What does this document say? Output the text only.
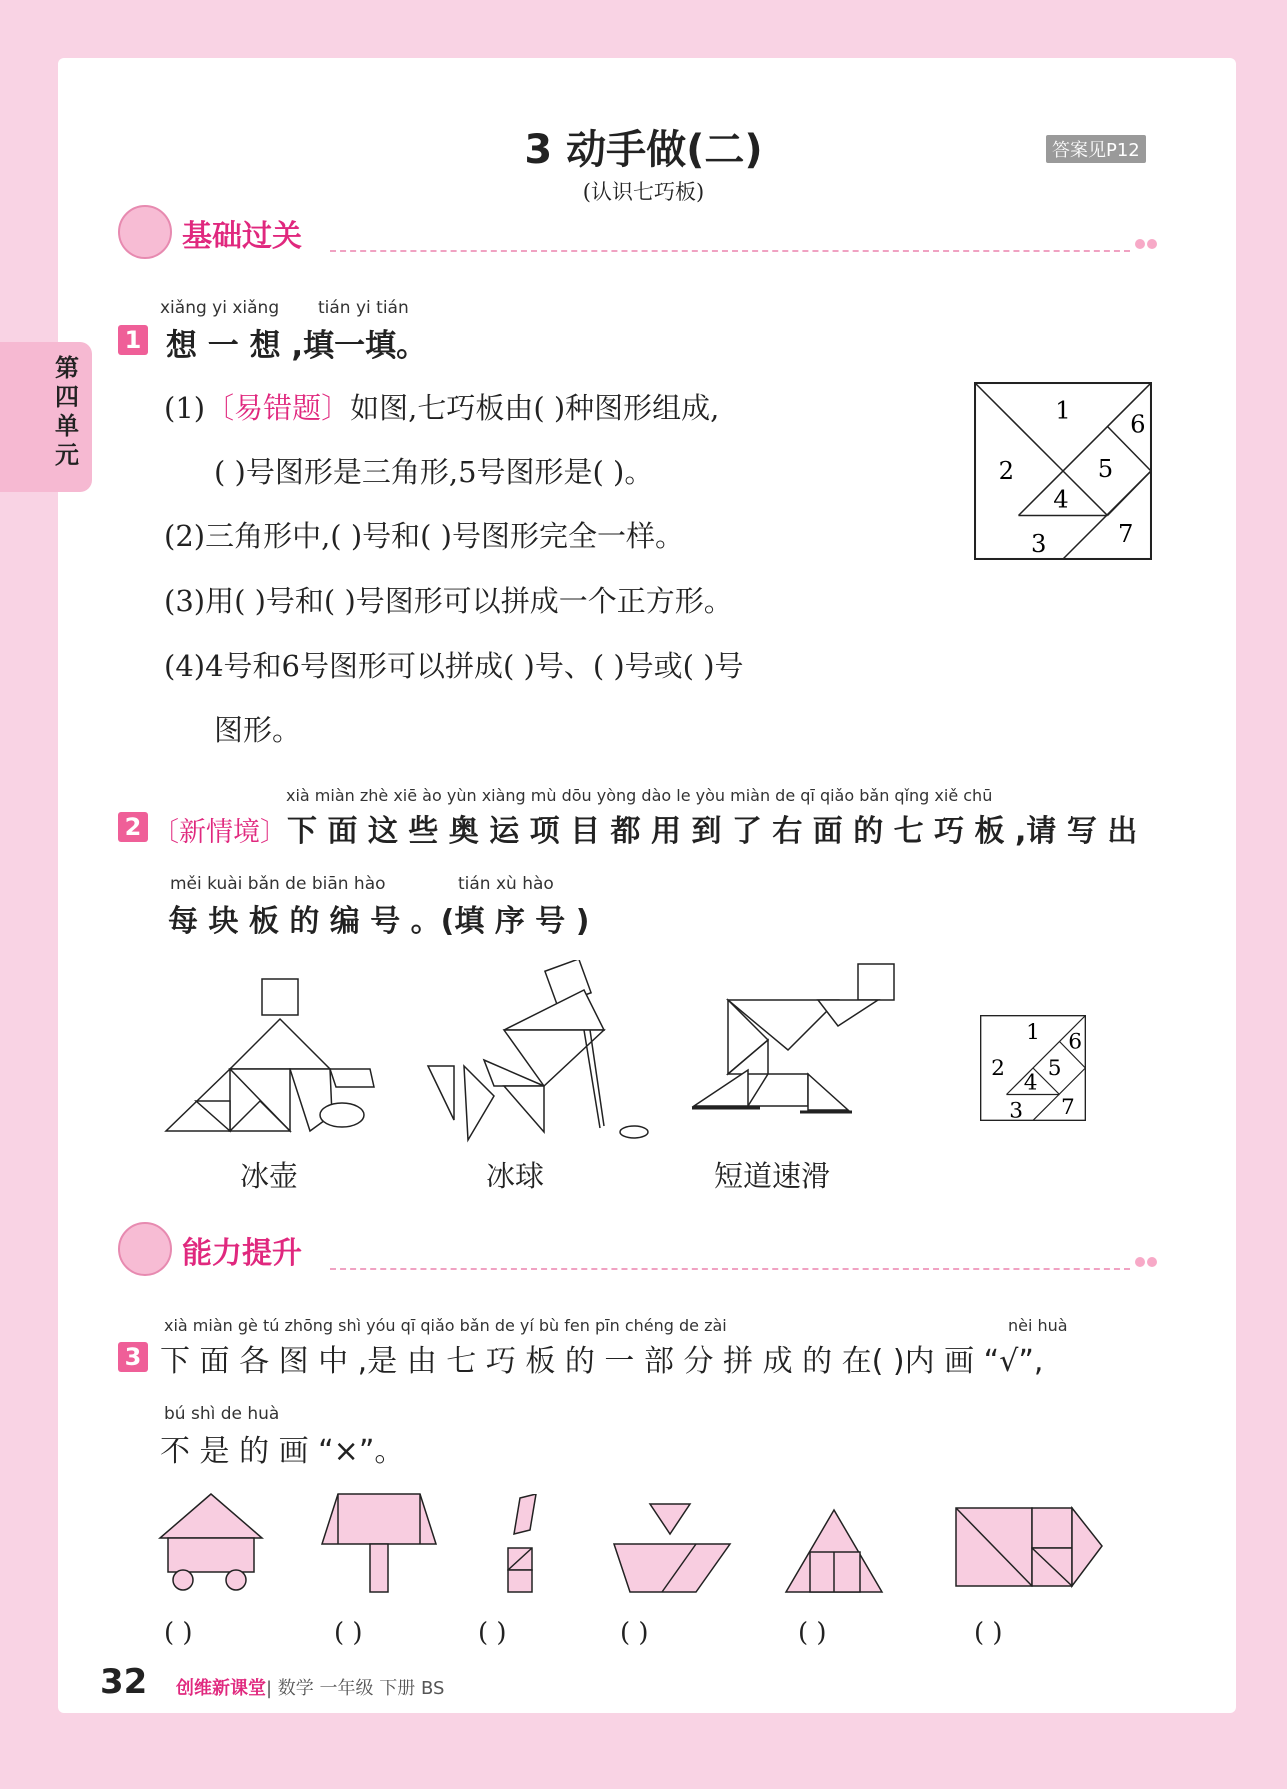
第四单元
3 动手做(二)
(认识七巧板)
答案见P12
基础过关
xiǎng yi xiǎng tián yi tián
1 想 一 想 ,填一填。
(1)〔易错题〕如图,七巧板由( )种图形组成,
( )号图形是三角形,5号图形是( )。
(2)三角形中,( )号和( )号图形完全一样。
(3)用( )号和( )号图形可以拼成一个正方形。
(4)4号和6号图形可以拼成( )号、( )号或( )号
图形。
1
2
3
4
5
6
7
xià miàn zhè xiē ào yùn xiàng mù dōu yòng dào le yòu miàn de qī qiǎo bǎn qǐng xiě chū
2 〔新情境〕下 面 这 些 奥 运 项 目 都 用 到 了 右 面 的 七 巧 板 ,请 写 出
měi kuài bǎn de biān hào	tián xù hào
每 块 板 的 编 号 。(填 序 号 )
1
2
3
4
5
6
7
冰壶	冰球	短道速滑
能力提升
xià miàn gè tú zhōng shì yóu qī qiǎo bǎn de yí bù fen pīn chéng de zài	nèi huà
3 下 面 各 图 中 ,是 由 七 巧 板 的 一 部 分 拼 成 的 在( )内 画 “√”,
bú shì de huà
不 是 的 画 “×”。
( )	( )	( )	( )	( )	( )
32 创维新课堂| 数学 一年级 下册 BS
